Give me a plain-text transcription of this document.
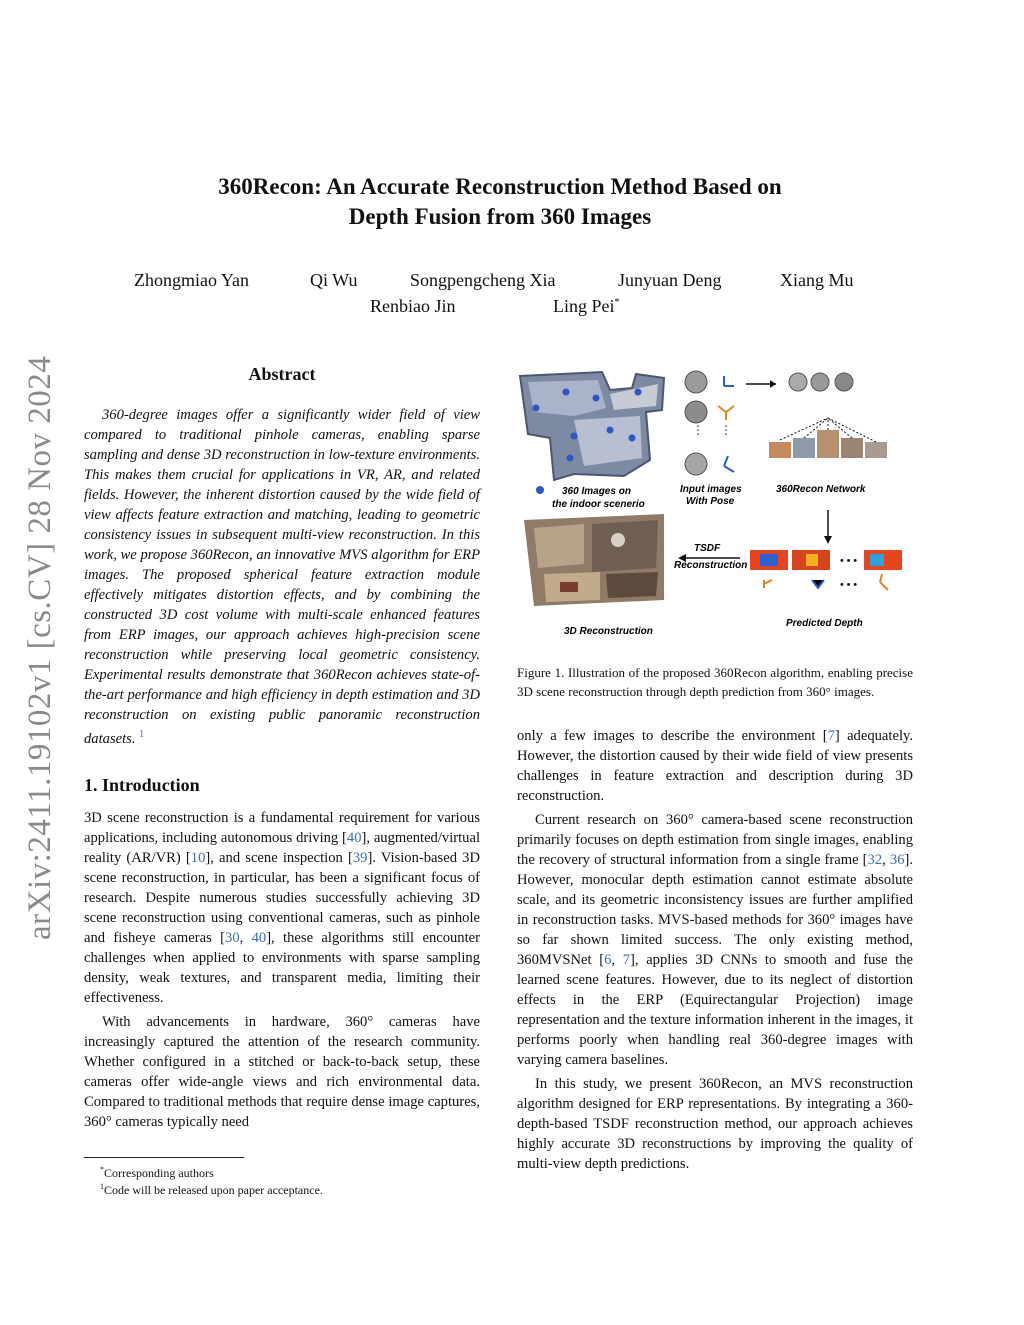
arXiv:2411.19102v1 [cs.CV] 28 Nov 2024
360Recon: An Accurate Reconstruction Method Based on
Depth Fusion from 360 Images
Zhongmiao Yan	Qi Wu	Songpengcheng Xia	Junyuan Deng	Xiang Mu
Renbiao Jin	Ling Pei*
Abstract

360-degree images offer a significantly wider field of view compared to traditional pinhole cameras, enabling sparse sampling and dense 3D reconstruction in low-texture environments. This makes them crucial for applications in VR, AR, and related fields. However, the inherent distortion caused by the wide field of view affects feature extraction and matching, leading to geometric consistency issues in subsequent multi-view reconstruction. In this work, we propose 360Recon, an innovative MVS algorithm for ERP images. The proposed spherical feature extraction module effectively mitigates distortion effects, and by combining the constructed 3D cost volume with multi-scale enhanced features from ERP images, our approach achieves high-precision scene reconstruction while preserving local geometric consistency. Experimental results demonstrate that 360Recon achieves state-of-the-art performance and high efficiency in depth estimation and 3D reconstruction on existing public panoramic reconstruction datasets. $^1$

1. Introduction

3D scene reconstruction is a fundamental requirement for various applications, including autonomous driving [40], augmented/virtual reality (AR/VR) [10], and scene inspection [39]. Vision-based 3D scene reconstruction, in particular, has been a significant focus of research. Despite numerous studies successfully achieving 3D scene reconstruction using conventional cameras, such as pinhole and fisheye cameras [30, 40], these algorithms still encounter challenges when applied to environments with sparse sampling density, weak textures, and transparent media, limiting their effectiveness.

With advancements in hardware, 360° cameras have increasingly captured the attention of the research community. Whether configured in a stitched or back-to-back setup, these cameras offer wide-angle views and rich environmental data. Compared to traditional methods that require dense image captures, 360° cameras typically need

*Corresponding authors
$^1$Code will be released upon paper acceptance.
360 Images on
the indoor scenerio
⋮ ⋮
Input images
With Pose
360Recon Network
• • •
• • •
Predicted Depth
TSDF
Reconstruction
3D Reconstruction
Figure 1. Illustration of the proposed 360Recon algorithm, enabling precise 3D scene reconstruction through depth prediction from 360° images.

only a few images to describe the environment [7] adequately. However, the distortion caused by their wide field of view presents challenges in feature extraction and description during 3D reconstruction.

Current research on 360° camera-based scene reconstruction primarily focuses on depth estimation from single images, enabling the recovery of structural information from a single frame [32, 36]. However, monocular depth estimation cannot estimate absolute scale, and its geometric inconsistency issues are further amplified in reconstruction tasks. MVS-based methods for 360° images have so far shown limited success. The only existing method, 360MVSNet [6, 7], applies 3D CNNs to smooth and fuse the learned scene features. However, due to its neglect of distortion effects in the ERP (Equirectangular Projection) image representation and the texture information inherent in the images, it performs poorly when handling real 360-degree images with varying camera baselines.

In this study, we present 360Recon, an MVS reconstruction algorithm designed for ERP representations. By integrating a 360-depth-based TSDF reconstruction method, our approach achieves highly accurate 3D reconstructions by improving the quality of multi-view depth predictions.
